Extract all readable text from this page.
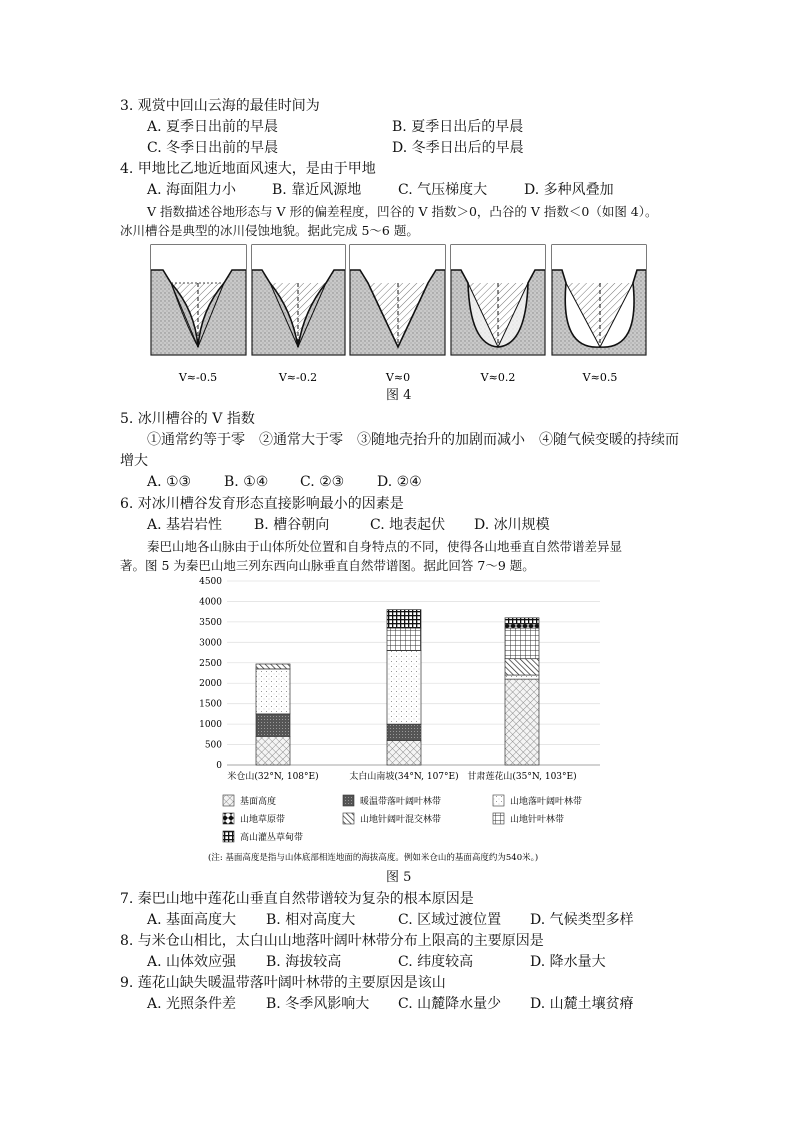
3. 观赏中回山云海的最佳时间为
A. 夏季日出前的早晨	B. 夏季日出后的早晨
C. 冬季日出前的早晨	D. 冬季日出后的早晨
4. 甲地比乙地近地面风速大，是由于甲地
A. 海面阻力小	B. 靠近风源地	C. 气压梯度大	D. 多种风叠加
V 指数描述谷地形态与 V 形的偏差程度，凹谷的 V 指数＞0，凸谷的 V 指数＜0（如图 4）。
冰川槽谷是典型的冰川侵蚀地貌。据此完成 5～6 题。
V≈-0.5	V≈-0.2	V≈0	V≈0.2	V≈0.5
图 4
5. 冰川槽谷的 V 指数
①通常约等于零　②通常大于零　③随地壳抬升的加剧而减小　④随气候变暖的持续而
增大
A. ①③ B. ①④ C. ②③ D. ②④
6. 对冰川槽谷发育形态直接影响最小的因素是
A. 基岩岩性 B. 槽谷朝向	C. 地表起伏 D. 冰川规模
秦巴山地各山脉由于山体所处位置和自身特点的不同，使得各山地垂直自然带谱差异显
著。图 5 为秦巴山地三列东西向山脉垂直自然带谱图。据此回答 7～9 题。
0
500
1000
1500
2000
2500
3000
3500
4000
4500
米仓山(32°N, 108°E)	太白山南坡(34°N, 107°E) 甘肃莲花山(35°N, 103°E)
基面高度	暖温带落叶阔叶林带	山地落叶阔叶林带
山地草原带	山地针阔叶混交林带	山地针叶林带
高山灌丛草甸带
(注: 基面高度是指与山体底部相连地面的海拔高度。例如米仓山的基面高度约为540米。)
图 5
7. 秦巴山地中莲花山垂直自然带谱较为复杂的根本原因是
A. 基面高度大 B. 相对高度大	C. 区域过渡位置 D. 气候类型多样
8. 与米仓山相比，太白山山地落叶阔叶林带分布上限高的主要原因是
A. 山体效应强 B. 海拔较高	C. 纬度较高	D. 降水量大
9. 莲花山缺失暖温带落叶阔叶林带的主要原因是该山
A. 光照条件差 B. 冬季风影响大 C. 山麓降水量少 D. 山麓土壤贫瘠
